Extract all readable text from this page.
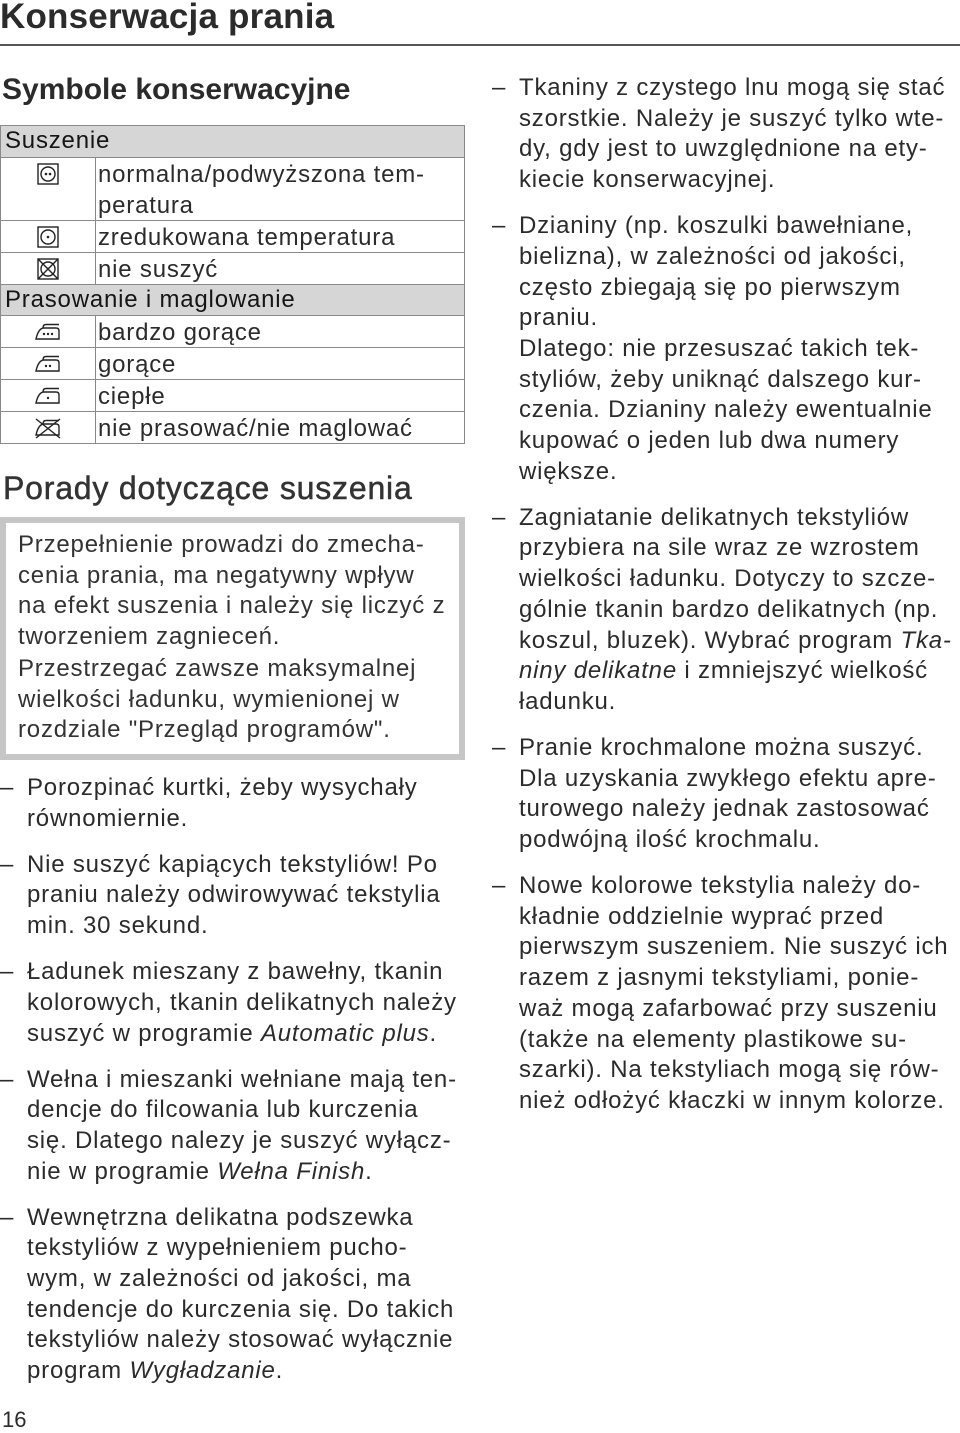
Konserwacja prania
Symbole konserwacyjne
Suszenie
normalna/podwyższona tem-
peratura
zredukowana temperatura
nie suszyć
Prasowanie i maglowanie
bardzo gorące
gorące
ciepłe
nie prasować/nie maglować
Porady dotyczące suszenia
Przepełnienie prowadzi do zmecha-
cenia prania, ma negatywny wpływ
na efekt suszenia i należy się liczyć z
tworzeniem zagnieceń.
Przestrzegać zawsze maksymalnej
wielkości ładunku, wymienionej w
rozdziale "Przegląd programów".
– Porozpinać kurtki, żeby wysychały
równomiernie.
– Nie suszyć kapiących tekstyliów! Po
praniu należy odwirowywać tekstylia
min. 30 sekund.
– Ładunek mieszany z bawełny, tkanin
kolorowych, tkanin delikatnych należy
suszyć w programie Automatic plus.
– Wełna i mieszanki wełniane mają ten-
dencje do filcowania lub kurczenia
się. Dlatego nalezy je suszyć wyłącz-
nie w programie Wełna Finish.
– Wewnętrzna delikatna podszewka
tekstyliów z wypełnieniem pucho-
wym, w zależności od jakości, ma
tendencje do kurczenia się. Do takich
tekstyliów należy stosować wyłącznie
program Wygładzanie.
– Tkaniny z czystego lnu mogą się stać
szorstkie. Należy je suszyć tylko wte-
dy, gdy jest to uwzględnione na ety-
kiecie konserwacyjnej.
– Dzianiny (np. koszulki bawełniane,
bielizna), w zależności od jakości,
często zbiegają się po pierwszym
praniu.
Dlatego: nie przesuszać takich tek-
styliów, żeby uniknąć dalszego kur-
czenia. Dzianiny należy ewentualnie
kupować o jeden lub dwa numery
większe.
– Zagniatanie delikatnych tekstyliów
przybiera na sile wraz ze wzrostem
wielkości ładunku. Dotyczy to szcze-
gólnie tkanin bardzo delikatnych (np.
koszul, bluzek). Wybrać program Tka-
niny delikatne i zmniejszyć wielkość
ładunku.
– Pranie krochmalone można suszyć.
Dla uzyskania zwykłego efektu apre-
turowego należy jednak zastosować
podwójną ilość krochmalu.
– Nowe kolorowe tekstylia należy do-
kładnie oddzielnie wyprać przed
pierwszym suszeniem. Nie suszyć ich
razem z jasnymi tekstyliami, ponie-
waż mogą zafarbować przy suszeniu
(także na elementy plastikowe su-
szarki). Na tekstyliach mogą się rów-
nież odłożyć kłaczki w innym kolorze.
16
